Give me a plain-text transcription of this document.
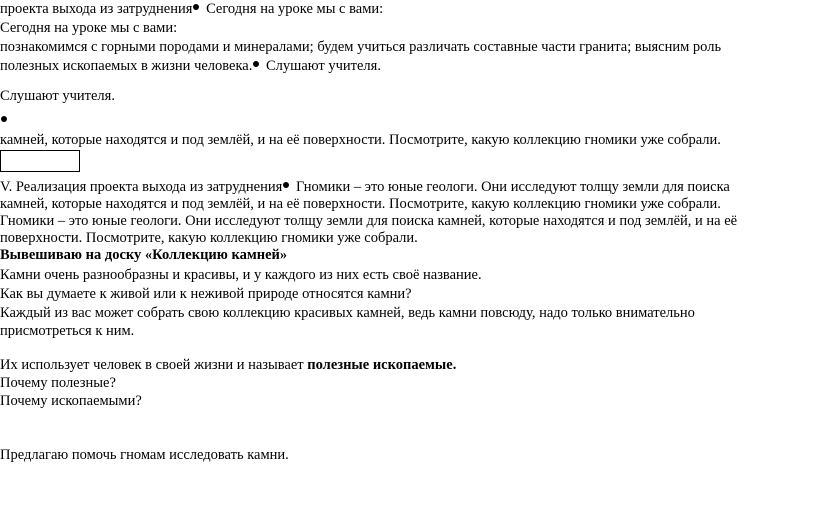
проекта выхода из затруднения Сегодня на уроке мы с вами:
Сегодня на уроке мы с вами:
познакомимся с горными породами и минералами; будем учиться различать составные части гранита; выясним роль
полезных ископаемых в жизни человека. Слушают учителя.
Слушают учителя.
камней, которые находятся и под землёй, и на её поверхности. Посмотрите, какую коллекцию гномики уже собрали.
V. Реализация проекта выхода из затруднения Гномики – это юные геологи. Они исследуют толщу земли для поиска
камней, которые находятся и под землёй, и на её поверхности. Посмотрите, какую коллекцию гномики уже собрали.
Гномики – это юные геологи. Они исследуют толщу земли для поиска камней, которые находятся и под землёй, и на её
поверхности. Посмотрите, какую коллекцию гномики уже собрали.
Вывешиваю на доску «Коллекцию камней»
Камни очень разнообразны и красивы, и у каждого из них есть своё название.
Как вы думаете к живой или к неживой природе относятся камни?
Каждый из вас может собрать свою коллекцию красивых камней, ведь камни повсюду, надо только внимательно
присмотреться к ним.
Их использует человек в своей жизни и называет полезные ископаемые.
Почему полезные?
Почему ископаемыми?
Предлагаю помочь гномам исследовать камни.
